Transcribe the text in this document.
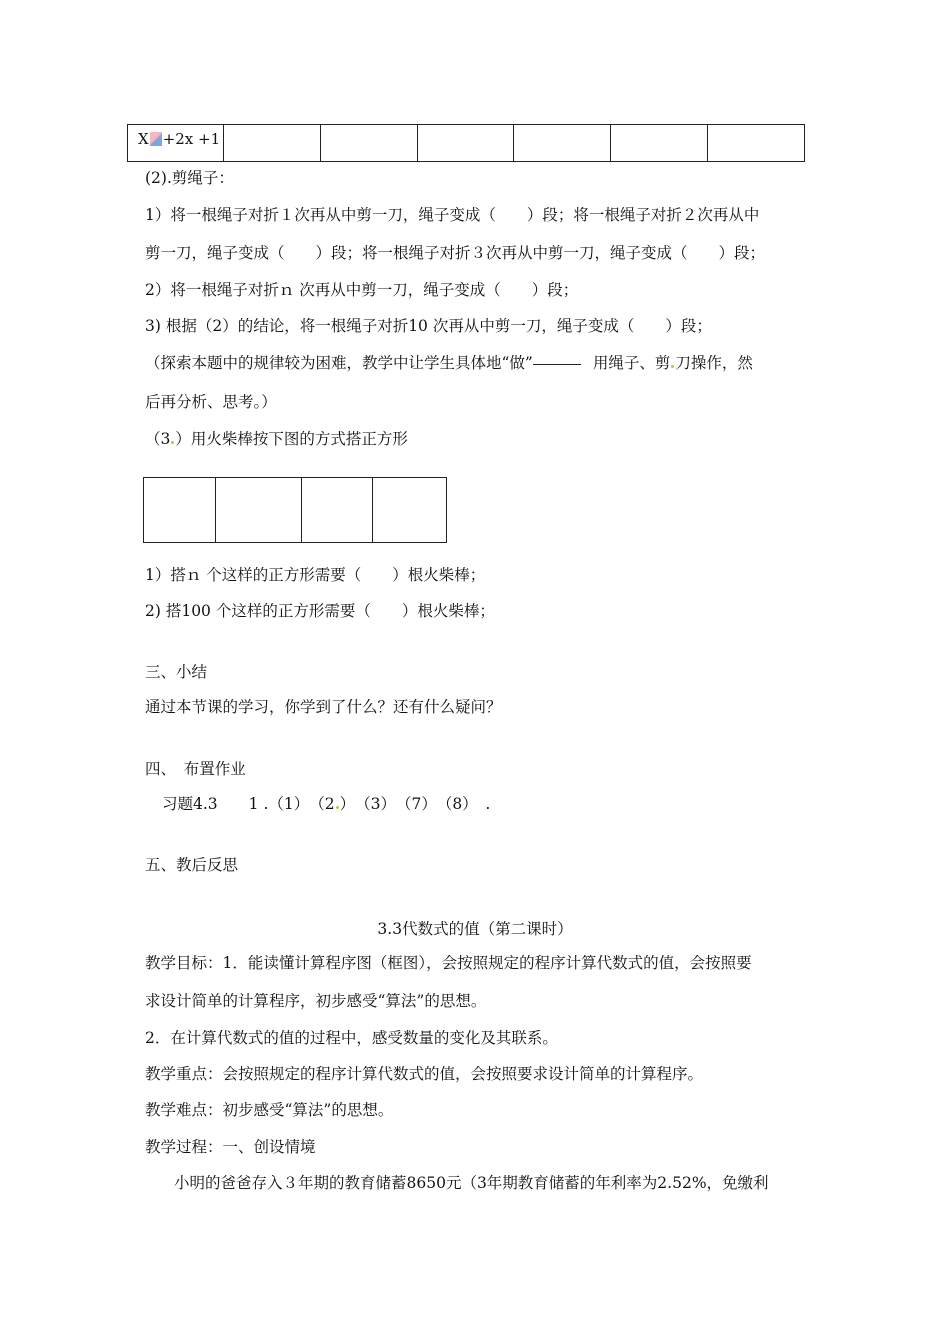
X +2x +1						
(2).剪绳子：
1）将一根绳子对折１次再从中剪一刀，绳子变成（　　）段；将一根绳子对折２次再从中
剪一刀，绳子变成（　　）段；将一根绳子对折３次再从中剪一刀，绳子变成（　　）段；
2）将一根绳子对折ｎ 次再从中剪一刀，绳子变成（　　）段；
3) 根据（2）的结论，将一根绳子对折10 次再从中剪一刀，绳子变成（　　）段；
（探索本题中的规律较为困难，教学中让学生具体地“做”	用绳子、剪 刀操作，然
后再分析、思考。）
（3 ）用火柴棒按下图的方式搭正方形
1）搭ｎ 个这样的正方形需要（　　）根火柴棒；
2) 搭100 个这样的正方形需要（　　）根火柴棒；
三、小结
通过本节课的学习，你学到了什么？还有什么疑问？
四、　布置作业
习题4.3　　1 .（1）　（2 ）　（3）　（7）　（8）　.
五、教后反思
3.3代数式的值（第二课时）
教学目标：1．能读懂计算程序图（框图），会按照规定的程序计算代数式的值，会按照要
求设计简单的计算程序，初步感受“算法”的思想。
2．在计算代数式的值的过程中，感受数量的变化及其联系。
教学重点：会按照规定的程序计算代数式的值，会按照要求设计简单的计算程序。
教学难点：初步感受“算法”的思想。
教学过程：一、创设情境
小明的爸爸存入３年期的教育储蓄8650元（3年期教育储蓄的年利率为2.52%，免缴利
